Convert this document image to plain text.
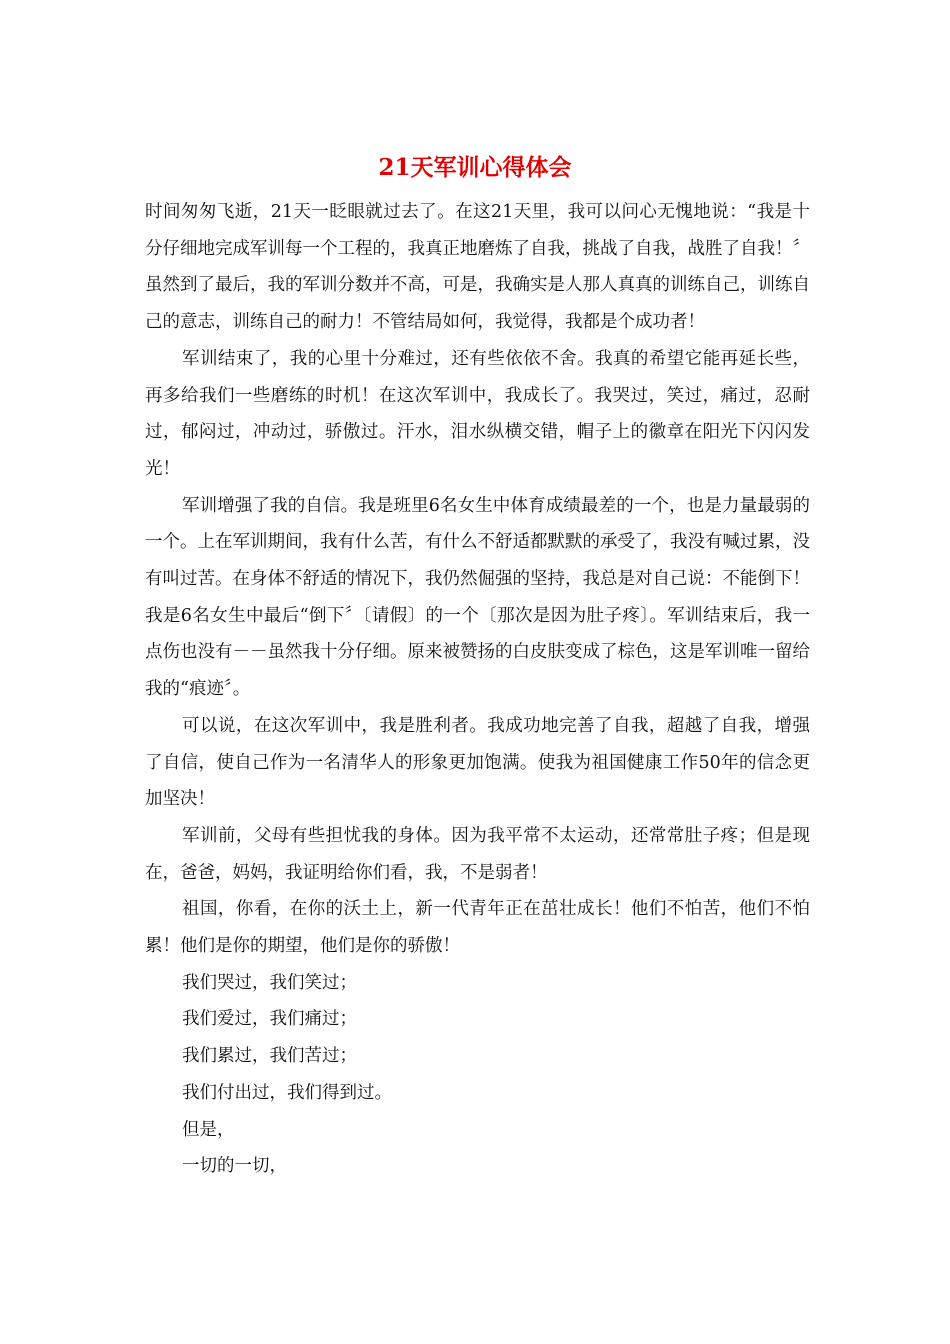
21天军训心得体会

时间匆匆飞逝，21天一眨眼就过去了。在这21天里，我可以问心无愧地说：“我是十分仔细地完成军训每一个工程的，我真正地磨炼了自我，挑战了自我，战胜了自我！〞虽然到了最后，我的军训分数并不高，可是，我确实是人那人真真的训练自己，训练自己的意志，训练自己的耐力！不管结局如何，我觉得，我都是个成功者！

军训结束了，我的心里十分难过，还有些依依不舍。我真的希望它能再延长些，再多给我们一些磨练的时机！在这次军训中，我成长了。我哭过，笑过，痛过，忍耐过，郁闷过，冲动过，骄傲过。汗水，泪水纵横交错，帽子上的徽章在阳光下闪闪发光！

军训增强了我的自信。我是班里6名女生中体育成绩最差的一个，也是力量最弱的一个。上在军训期间，我有什么苦，有什么不舒适都默默的承受了，我没有喊过累，没有叫过苦。在身体不舒适的情况下，我仍然倔强的坚持，我总是对自己说：不能倒下！我是6名女生中最后“倒下〞〔请假〕的一个〔那次是因为肚子疼〕。军训结束后，我一点伤也没有－－虽然我十分仔细。原来被赞扬的白皮肤变成了棕色，这是军训唯一留给我的“痕迹〞。

可以说，在这次军训中，我是胜利者。我成功地完善了自我，超越了自我，增强了自信，使自己作为一名清华人的形象更加饱满。使我为祖国健康工作50年的信念更加坚决！

军训前，父母有些担忧我的身体。因为我平常不太运动，还常常肚子疼；但是现在，爸爸，妈妈，我证明给你们看，我，不是弱者！

祖国，你看，在你的沃土上，新一代青年正在茁壮成长！他们不怕苦，他们不怕累！他们是你的期望，他们是你的骄傲！

我们哭过，我们笑过；

我们爱过，我们痛过；

我们累过，我们苦过；

我们付出过，我们得到过。

但是，

一切的一切，
